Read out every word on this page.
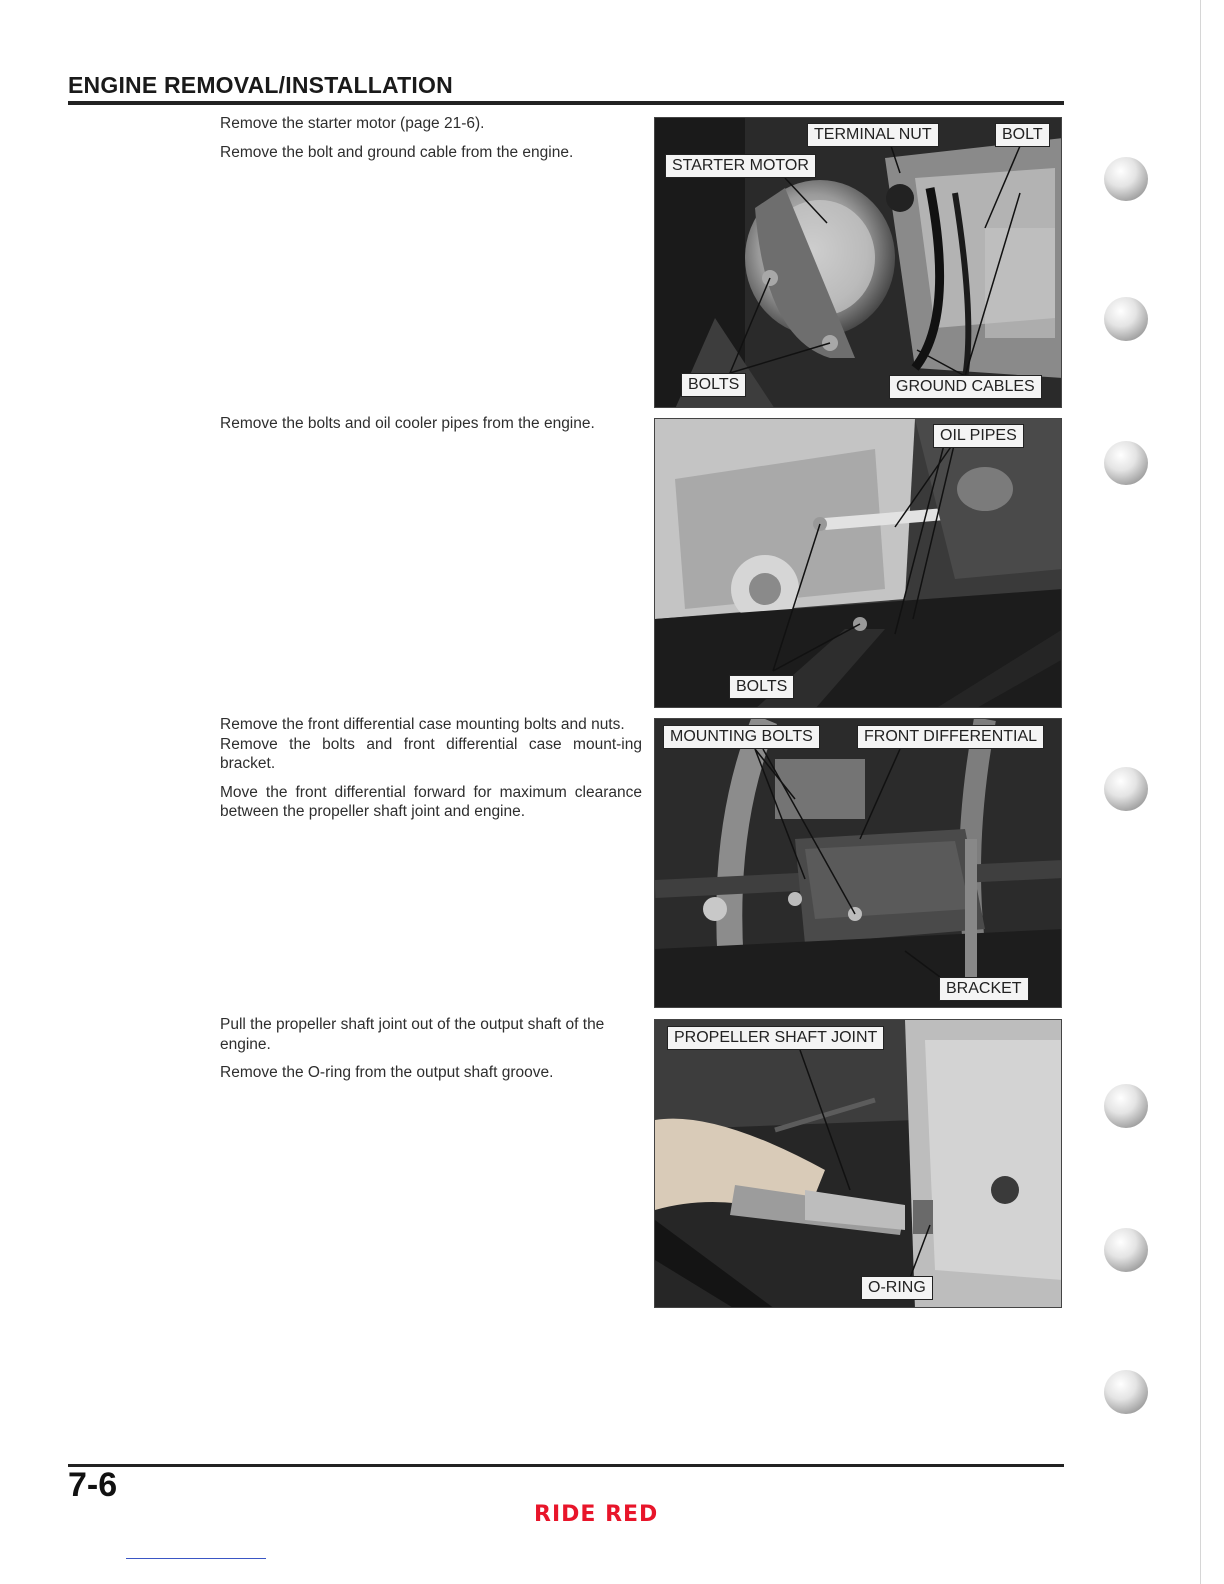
ENGINE REMOVAL/INSTALLATION

Remove the starter motor (page 21-6).

Remove the bolt and ground cable from the engine.

TERMINAL NUT	BOLT
STARTER MOTOR
BOLTS	GROUND CABLES

Remove the bolts and oil cooler pipes from the engine.

OIL PIPES
BOLTS

Remove the front differential case mounting bolts and nuts.
Remove the bolts and front differential case mount-ing bracket.

Move the front differential forward for maximum clearance between the propeller shaft joint and engine.

MOUNTING BOLTS	FRONT DIFFERENTIAL
BRACKET

Pull the propeller shaft joint out of the output shaft of the engine.

Remove the O-ring from the output shaft groove.

PROPELLER SHAFT JOINT
O-RING
7-6
RIDE RED
